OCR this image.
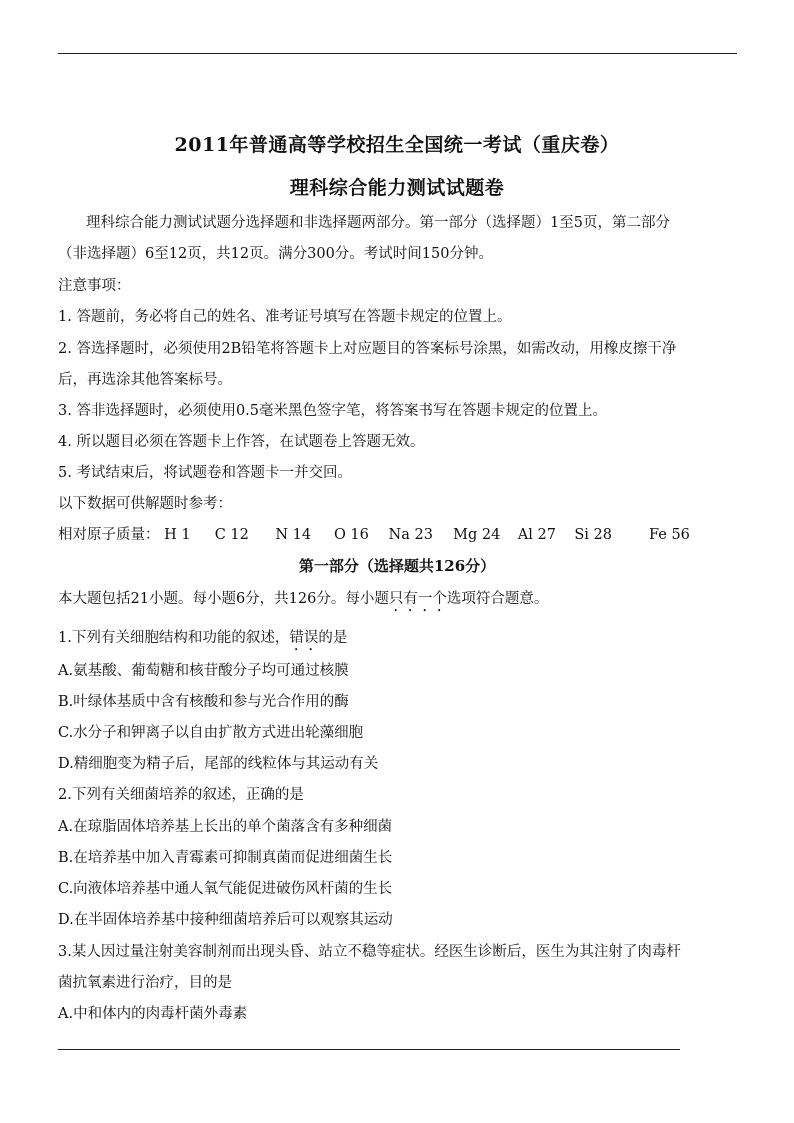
2011年普通高等学校招生全国统一考试（重庆卷）
理科综合能力测试试题卷
理科综合能力测试试题分选择题和非选择题两部分。第一部分（选择题）1至5页，第二部分
（非选择题）6至12页，共12页。满分300分。考试时间150分钟。
注意事项：
1. 答题前，务必将自己的姓名、准考证号填写在答题卡规定的位置上。
2. 答选择题时，必须使用2B铅笔将答题卡上对应题目的答案标号涂黑，如需改动，用橡皮擦干净
后，再选涂其他答案标号。
3. 答非选择题时，必须使用0.5毫米黑色签字笔，将答案书写在答题卡规定的位置上。
4. 所以题目必须在答题卡上作答，在试题卷上答题无效。
5. 考试结束后，将试题卷和答题卡一并交回。
以下数据可供解题时参考：
相对原子质量： H 1 C 12 N 14 O 16 Na 23 Mg 24 Al 27 Si 28	Fe 56
第一部分（选择题共126分）
本大题包括21小题。每小题6分，共126分。每小题只有一个选项符合题意。
1.下列有关细胞结构和功能的叙述，错误的是
A.氨基酸、葡萄糖和核苷酸分子均可通过核膜
B.叶绿体基质中含有核酸和参与光合作用的酶
C.水分子和钾离子以自由扩散方式进出轮藻细胞
D.精细胞变为精子后，尾部的线粒体与其运动有关
2.下列有关细菌培养的叙述，正确的是
A.在琼脂固体培养基上长出的单个菌落含有多种细菌
B.在培养基中加入青霉素可抑制真菌而促进细菌生长
C.向液体培养基中通人氧气能促进破伤风杆菌的生长
D.在半固体培养基中接种细菌培养后可以观察其运动
3.某人因过量注射美容制剂而出现头昏、站立不稳等症状。经医生诊断后，医生为其注射了肉毒杆
菌抗氧素进行治疗，目的是
A.中和体内的肉毒杆菌外毒素
